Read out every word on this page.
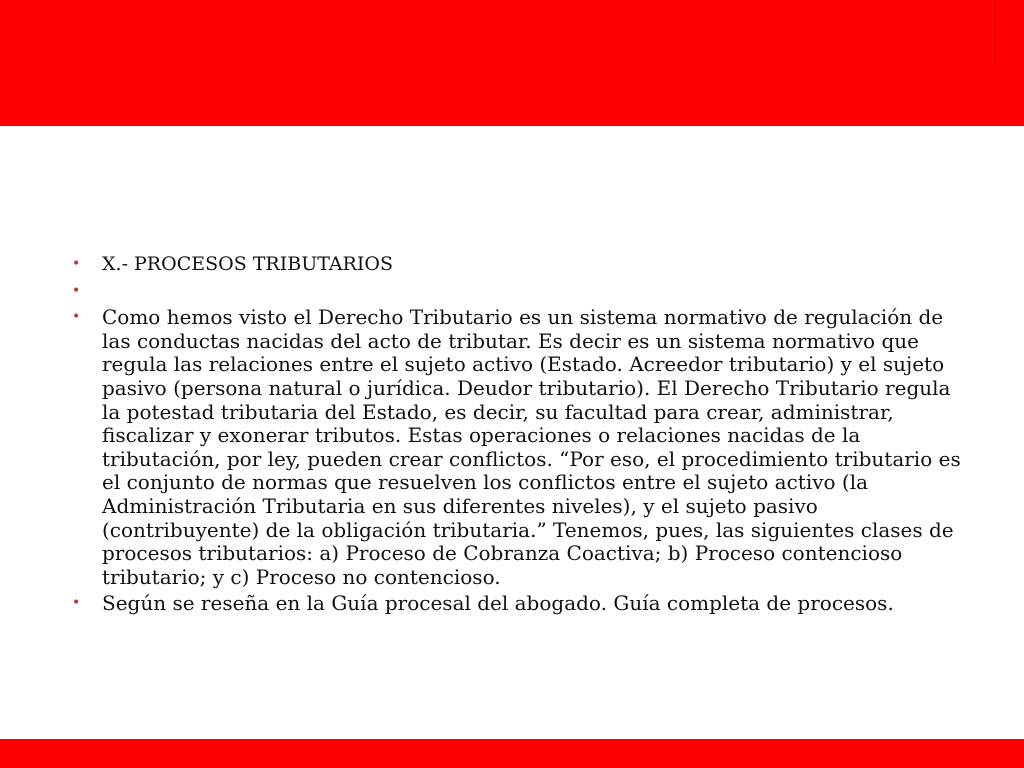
• X.- PROCESOS TRIBUTARIOS
•
• Como hemos visto el Derecho Tributario es un sistema normativo de regulación de las conductas nacidas del acto de tributar. Es decir es un sistema normativo que regula las relaciones entre el sujeto activo (Estado. Acreedor tributario) y el sujeto pasivo (persona natural o jurídica. Deudor tributario). El Derecho Tributario regula la potestad tributaria del Estado, es decir, su facultad para crear, administrar, fiscalizar y exonerar tributos. Estas operaciones o relaciones nacidas de la tributación, por ley, pueden crear conflictos. “Por eso, el procedimiento tributario es el conjunto de normas que resuelven los conflictos entre el sujeto activo (la Administración Tributaria en sus diferentes niveles), y el sujeto pasivo (contribuyente) de la obligación tributaria.” Tenemos, pues, las siguientes clases de procesos tributarios: a) Proceso de Cobranza Coactiva; b) Proceso contencioso tributario; y c) Proceso no contencioso.
• Según se reseña en la Guía procesal del abogado. Guía completa de procesos.
